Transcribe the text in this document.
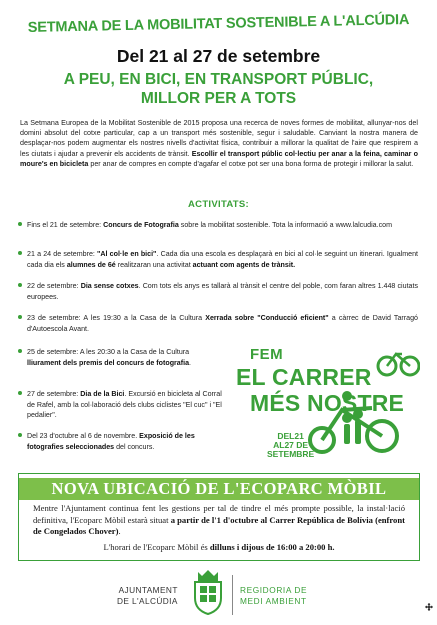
SETMANA DE LA MOBILITAT SOSTENIBLE A L'ALCÚDIA
Del 21 al 27 de setembre
A PEU, EN BICI, EN TRANSPORT PÚBLIC,
MILLOR PER A TOTS
La Setmana Europea de la Mobilitat Sostenible de 2015 proposa una recerca de noves formes de mobilitat, allunyar-nos del domini absolut del cotxe particular, cap a un transport més sostenible, segur i saludable. Canviant la nostra manera de desplaçar-nos podem augmentar els nostres nivells d'activitat física, contribuir a millorar la qualitat de l'aire que respirem a les ciutats i ajudar a prevenir els accidents de trànsit. Escollir el transport públic col·lectiu per anar a la feina, caminar o moure's en bicicleta per anar de compres en compte d'agafar el cotxe pot ser una bona forma de protegir i millorar la salut.
ACTIVITATS:
Fins el 21 de setembre: Concurs de Fotografia sobre la mobilitat sostenible. Tota la informació a www.lalcudia.com
21 a 24 de setembre: "Al col·le en bici". Cada dia una escola es desplaçarà en bici al col·le seguint un itinerari. Igualment cada dia els alumnes de 6é realitzaran una activitat actuant com agents de trànsit.
22 de setembre: Dia sense cotxes. Com tots els anys es tallarà al trànsit el centre del poble, com faran altres 1.448 ciutats europees.
23 de setembre: A les 19:30 a la Casa de la Cultura Xerrada sobre "Conducció eficient" a càrrec de David Tarragó d'Autoescola Avant.
25 de setembre: A les 20:30 a la Casa de la Cultura lliurament dels premis del concurs de fotografia.
27 de setembre: Dia de la Bici. Excursió en bicicleta al Corral de Rafel, amb la col·laboració dels clubs ciclistes "El cuc" i "El pedalier".
Del 23 d'octubre al 6 de novembre. Exposició de les fotografies seleccionades del concurs.
FEM
EL CARRER
MÉS NOSTRE
DEL21
AL27 DE
SETEMBRE
NOVA UBICACIÓ DE L'ECOPARC MÒBIL
Mentre l'Ajuntament continua fent les gestions per tal de tindre el més prompte possible, la instal·lació definitiva, l'Ecoparc Mòbil estarà situat a partir de l'1 d'octubre al Carrer República de Bolívia (enfront de Congelados Chover).
L'horari de l'Ecoparc Mòbil és dilluns i dijous de 16:00 a 20:00 h.
AJUNTAMENT
DE L'ALCÚDIA
REGIDORIA DE
MEDI AMBIENT
